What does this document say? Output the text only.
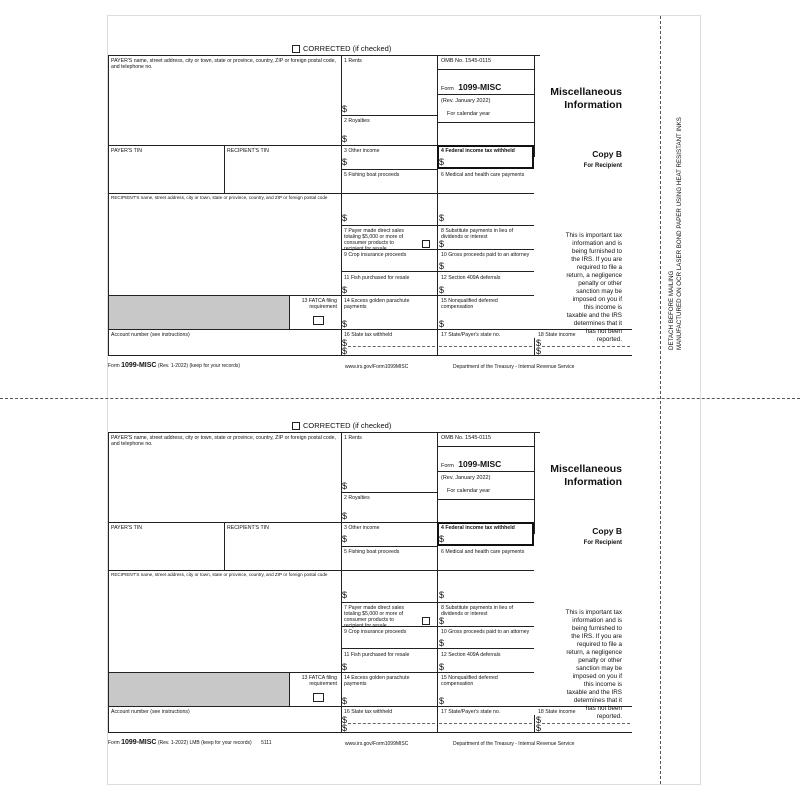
DETACH BEFORE MAILING
MANUFACTURED ON OCR LASER BOND PAPER USING HEAT RESISTANT INKS
CORRECTED (if checked)
PAYER'S name, street address, city or town, state or province, country, ZIP or foreign postal code, and telephone no.
PAYER'S TIN	RECIPIENT'S TIN
RECIPIENT'S name, street address, city or town, state or province, country, and ZIP or foreign postal code
13 FATCA filing requirement
Account number (see instructions)
1 Rents
$
2 Royalties
$
3 Other income
$
4 Federal income tax withheld
$
5 Fishing boat proceeds
$
6 Medical and health care payments
$
7 Payer made direct sales totaling $5,000 or more of consumer products to recipient for resale
8 Substitute payments in lieu of dividends or interest
$
9 Crop insurance proceeds	10 Gross proceeds paid to an attorney
$
11 Fish purchased for resale
$
12 Section 409A deferrals
$
14 Excess golden parachute payments
$
15 Nonqualified deferred compensation
$
16 State tax withheld
$
$
17 State/Payer's state no.	18 State income
$
$
OMB No. 1545-0115
Form 1099-MISC
(Rev. January 2022)
For calendar year
Miscellaneous
Information
Copy B
For Recipient
This is important tax
information and is
being furnished to
the IRS. If you are
required to file a
return, a negligence
penalty or other
sanction may be
imposed on you if
this income is
taxable and the IRS
determines that it
has not been
reported.
Form 1099-MISC (Rev. 1-2022) (keep for your records)	www.irs.gov/Form1099MISC	Department of the Treasury - Internal Revenue Service
CORRECTED (if checked)
PAYER'S name, street address, city or town, state or province, country, ZIP or foreign postal code, and telephone no.
PAYER'S TIN	RECIPIENT'S TIN
RECIPIENT'S name, street address, city or town, state or province, country, and ZIP or foreign postal code
13 FATCA filing requirement
Account number (see instructions)
1 Rents
$
2 Royalties
$
3 Other income
$
4 Federal income tax withheld
$
5 Fishing boat proceeds
$
6 Medical and health care payments
$
7 Payer made direct sales totaling $5,000 or more of consumer products to recipient for resale
8 Substitute payments in lieu of dividends or interest
$
9 Crop insurance proceeds	10 Gross proceeds paid to an attorney
$
11 Fish purchased for resale
$
12 Section 409A deferrals
$
14 Excess golden parachute payments
$
15 Nonqualified deferred compensation
$
16 State tax withheld
$
$
17 State/Payer's state no.	18 State income
$
$
OMB No. 1545-0115
Form 1099-MISC
(Rev. January 2022)
For calendar year
Miscellaneous
Information
Copy B
For Recipient
This is important tax
information and is
being furnished to
the IRS. If you are
required to file a
return, a negligence
penalty or other
sanction may be
imposed on you if
this income is
taxable and the IRS
determines that it
has not been
reported.
Form 1099-MISC (Rev. 1-2022) LMB (keep for your records) 5111	www.irs.gov/Form1099MISC	Department of the Treasury - Internal Revenue Service
